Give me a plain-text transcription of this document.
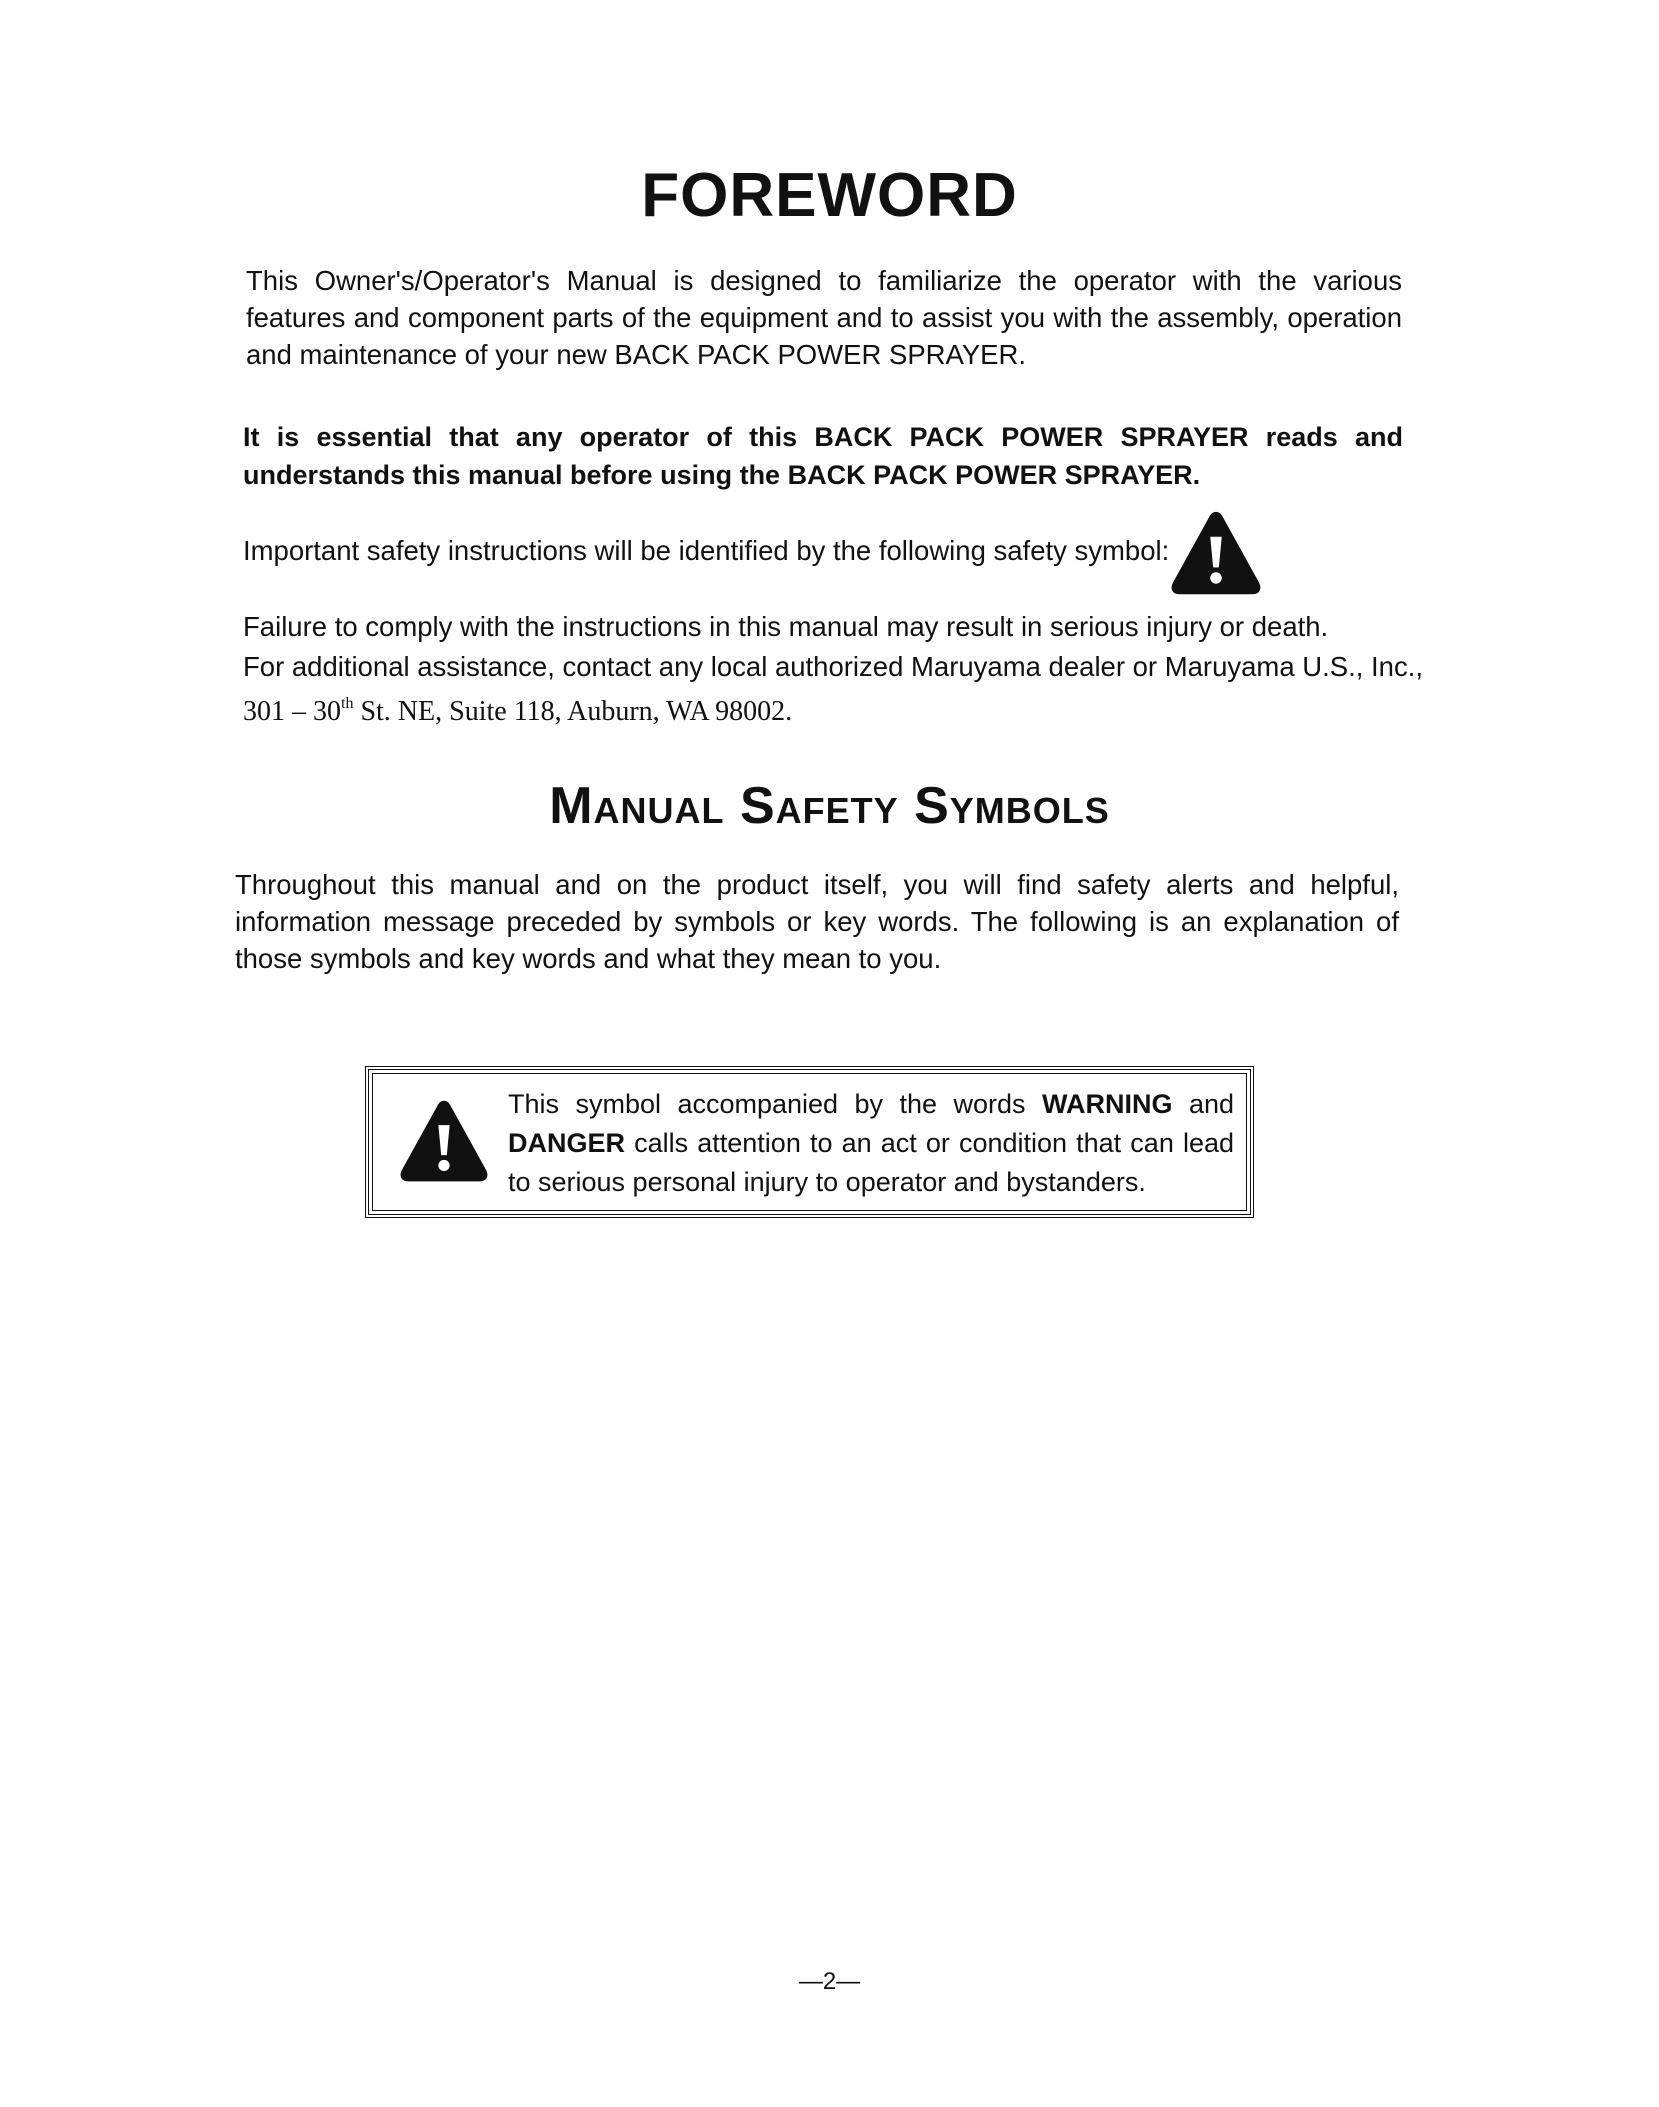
FOREWORD

This Owner's/Operator's Manual is designed to familiarize the operator with the various features and component parts of the equipment and to assist you with the assembly, operation and maintenance of your new BACK PACK POWER SPRAYER.

It is essential that any operator of this BACK PACK POWER SPRAYER reads and understands this manual before using the BACK PACK POWER SPRAYER.

Important safety instructions will be identified by the following safety symbol:

Failure to comply with the instructions in this manual may result in serious injury or death.

For additional assistance, contact any local authorized Maruyama dealer or Maruyama U.S., Inc.,

301 – 30th St. NE, Suite 118, Auburn, WA 98002.

Manual Safety Symbols

Throughout this manual and on the product itself, you will find safety alerts and helpful, information message preceded by symbols or key words. The following is an explanation of those symbols and key words and what they mean to you.

This symbol accompanied by the words WARNING and DANGER calls attention to an act or condition that can lead to serious personal injury to operator and bystanders.

—2—
